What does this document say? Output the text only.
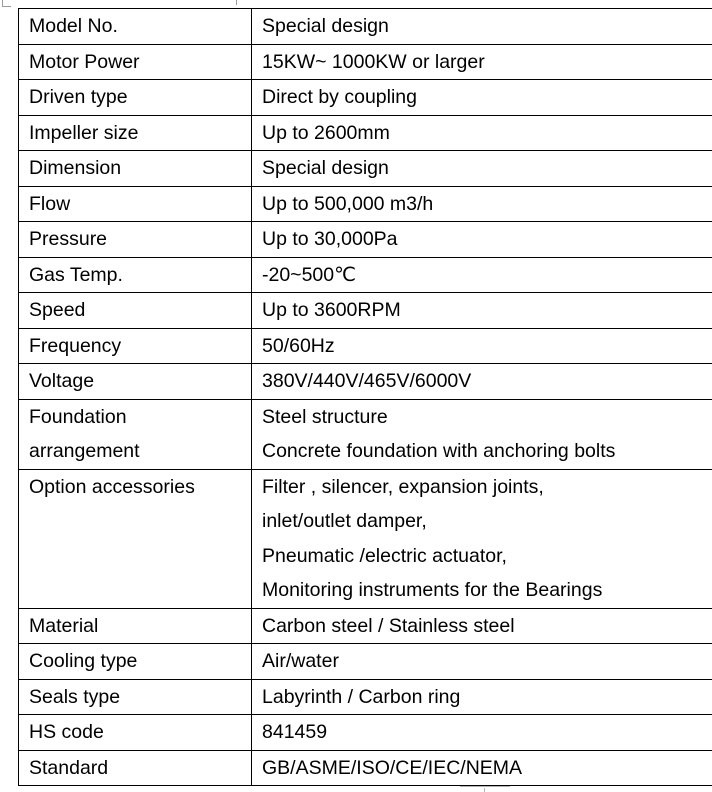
Model No.	Special design
Motor Power	15KW~ 1000KW or larger
Driven type	Direct by coupling
Impeller size	Up to 2600mm
Dimension	Special design
Flow	Up to 500,000 m3/h
Pressure	Up to 30,000Pa
Gas Temp.	-20~500℃
Speed	Up to 3600RPM
Frequency	50/60Hz
Voltage	380V/440V/465V/6000V

Foundation
arrangement	Steel structure
Concrete foundation with anchoring bolts

Option accessories	Filter , silencer, expansion joints,
inlet/outlet damper,
Pneumatic /electric actuator,
Monitoring instruments for the Bearings

Material	Carbon steel / Stainless steel
Cooling type	Air/water
Seals type	Labyrinth / Carbon ring
HS code	841459
Standard	GB/ASME/ISO/CE/IEC/NEMA
